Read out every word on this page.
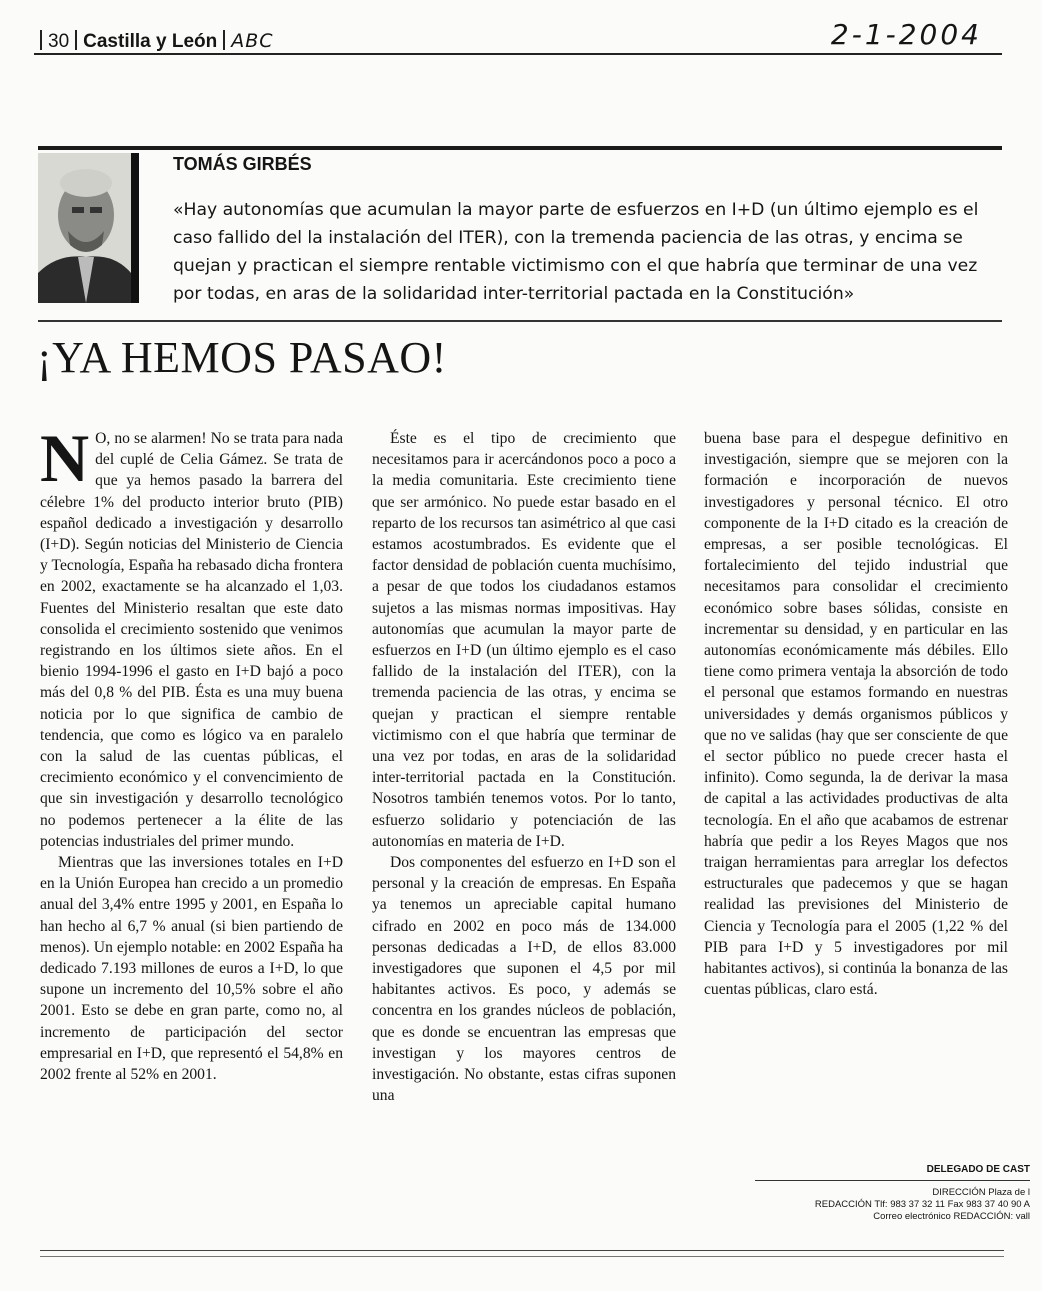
30 Castilla y León ABC	2-1-2004
TOMÁS GIRBÉS
«Hay autonomías que acumulan la mayor parte de esfuerzos en I+D (un último ejemplo es el caso fallido del la instalación del ITER), con la tremenda paciencia de las otras, y encima se quejan y practican el siempre rentable victimismo con el que habría que terminar de una vez por todas, en aras de la solidaridad inter-territorial pactada en la Constitución»
¡YA HEMOS PASAO!

N O, no se alarmen! No se trata para nada del cuplé de Celia Gámez. Se trata de que ya hemos pasado la barrera del célebre 1% del producto interior bruto (PIB) español dedicado a investigación y desarrollo (I+D). Según noticias del Ministerio de Ciencia y Tecnología, España ha rebasado dicha frontera en 2002, exactamente se ha alcanzado el 1,03. Fuentes del Ministerio resaltan que este dato consolida el crecimiento sostenido que venimos registrando en los últimos siete años. En el bienio 1994-1996 el gasto en I+D bajó a poco más del 0,8 % del PIB. Ésta es una muy buena noticia por lo que significa de cambio de tendencia, que como es lógico va en paralelo con la salud de las cuentas públicas, el crecimiento económico y el convencimiento de que sin investigación y desarrollo tecnológico no podemos pertenecer a la élite de las potencias industriales del primer mundo.

Mientras que las inversiones totales en I+D en la Unión Europea han crecido a un promedio anual del 3,4% entre 1995 y 2001, en España lo han hecho al 6,7 % anual (si bien partiendo de menos). Un ejemplo notable: en 2002 España ha dedicado 7.193 millones de euros a I+D, lo que supone un incremento del 10,5% sobre el año 2001. Esto se debe en gran parte, como no, al incremento de participación del sector empresarial en I+D, que representó el 54,8% en 2002 frente al 52% en 2001.

Éste es el tipo de crecimiento que necesitamos para ir acercándonos poco a poco a la media comunitaria. Este crecimiento tiene que ser armónico. No puede estar basado en el reparto de los recursos tan asimétrico al que casi estamos acostumbrados. Es evidente que el factor densidad de población cuenta muchísimo, a pesar de que todos los ciudadanos estamos sujetos a las mismas normas impositivas. Hay autonomías que acumulan la mayor parte de esfuerzos en I+D (un último ejemplo es el caso fallido de la instalación del ITER), con la tremenda paciencia de las otras, y encima se quejan y practican el siempre rentable victimismo con el que habría que terminar de una vez por todas, en aras de la solidaridad inter-territorial pactada en la Constitución. Nosotros también tenemos votos. Por lo tanto, esfuerzo solidario y potenciación de las autonomías en materia de I+D.

Dos componentes del esfuerzo en I+D son el personal y la creación de empresas. En España ya tenemos un apreciable capital humano cifrado en 2002 en poco más de 134.000 personas dedicadas a I+D, de ellos 83.000 investigadores que suponen el 4,5 por mil habitantes activos. Es poco, y además se concentra en los grandes núcleos de población, que es donde se encuentran las empresas que investigan y los mayores centros de investigación. No obstante, estas cifras suponen una

buena base para el despegue definitivo en investigación, siempre que se mejoren con la formación e incorporación de nuevos investigadores y personal técnico. El otro componente de la I+D citado es la creación de empresas, a ser posible tecnológicas. El fortalecimiento del tejido industrial que necesitamos para consolidar el crecimiento económico sobre bases sólidas, consiste en incrementar su densidad, y en particular en las autonomías económicamente más débiles. Ello tiene como primera ventaja la absorción de todo el personal que estamos formando en nuestras universidades y demás organismos públicos y que no ve salidas (hay que ser consciente de que el sector público no puede crecer hasta el infinito). Como segunda, la de derivar la masa de capital a las actividades productivas de alta tecnología. En el año que acabamos de estrenar habría que pedir a los Reyes Magos que nos traigan herramientas para arreglar los defectos estructurales que padecemos y que se hagan realidad las previsiones del Ministerio de Ciencia y Tecnología para el 2005 (1,22 % del PIB para I+D y 5 investigadores por mil habitantes activos), si continúa la bonanza de las cuentas públicas, claro está.

DELEGADO DE CAST
DIRECCIÓN Plaza de l
REDACCIÓN Tlf: 983 37 32 11 Fax 983 37 40 90 A
Correo electrónico REDACCIÓN: vall
